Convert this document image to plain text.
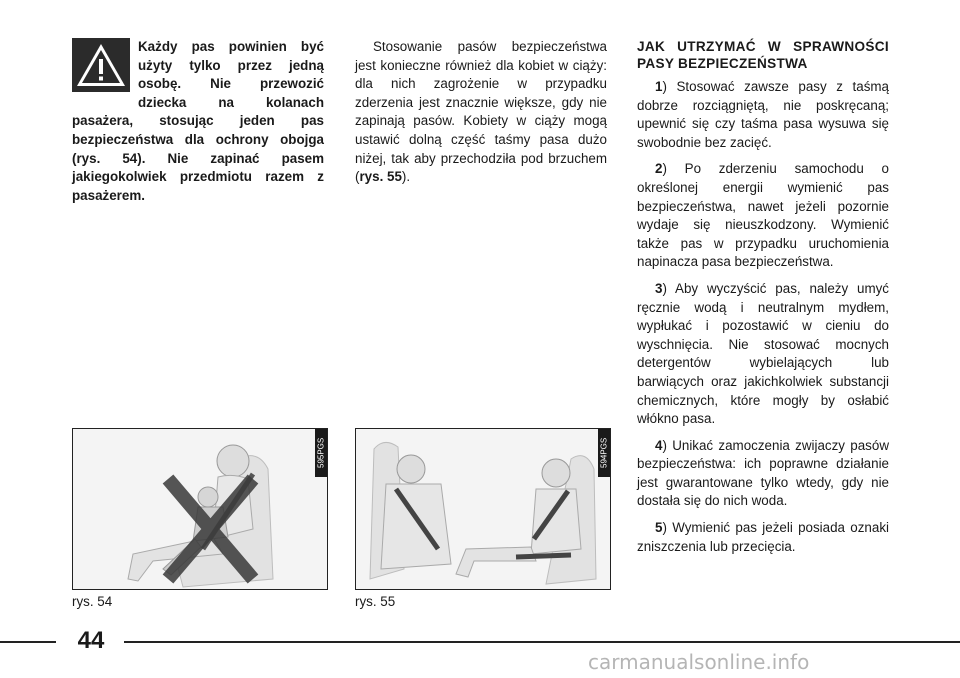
Każdy pas powinien być użyty tylko przez jedną osobę. Nie przewozić dziecka na kolanach pasażera, stosując jeden pas bezpieczeństwa dla ochrony obojga (rys. 54). Nie zapinać pasem jakiegokolwiek przedmiotu razem z pasażerem.

Stosowanie pasów bezpieczeństwa jest konieczne również dla kobiet w ciąży: dla nich zagrożenie w przypadku zderzenia jest znacznie większe, gdy nie zapinają pasów. Kobiety w ciąży mogą ustawić dolną część taśmy pasa dużo niżej, tak aby przechodziła pod brzuchem (rys. 55).

JAK UTRZYMAĆ W SPRAWNOŚCI PASY BEZPIECZEŃSTWA

1) Stosować zawsze pasy z taśmą dobrze rozciągniętą, nie poskręcaną; upewnić się czy taśma pasa wysuwa się swobodnie bez zacięć.

2) Po zderzeniu samochodu o określonej energii wymienić pas bezpieczeństwa, nawet jeżeli pozornie wydaje się nieuszkodzony. Wymienić także pas w przypadku uruchomienia napinacza pasa bezpieczeństwa.

3) Aby wyczyścić pas, należy umyć ręcznie wodą i neutralnym mydłem, wypłukać i pozostawić w cieniu do wyschnięcia. Nie stosować mocnych detergentów wybielających lub barwiących oraz jakichkolwiek substancji chemicznych, które mogły by osłabić włókno pasa.

4) Unikać zamoczenia zwijaczy pasów bezpieczeństwa: ich poprawne działanie jest gwarantowane tylko wtedy, gdy nie dostała się do nich woda.

5) Wymienić pas jeżeli posiada oznaki zniszczenia lub przecięcia.

595PGS
rys. 54
594PGS
rys. 55
44
carmanualsonline.info
